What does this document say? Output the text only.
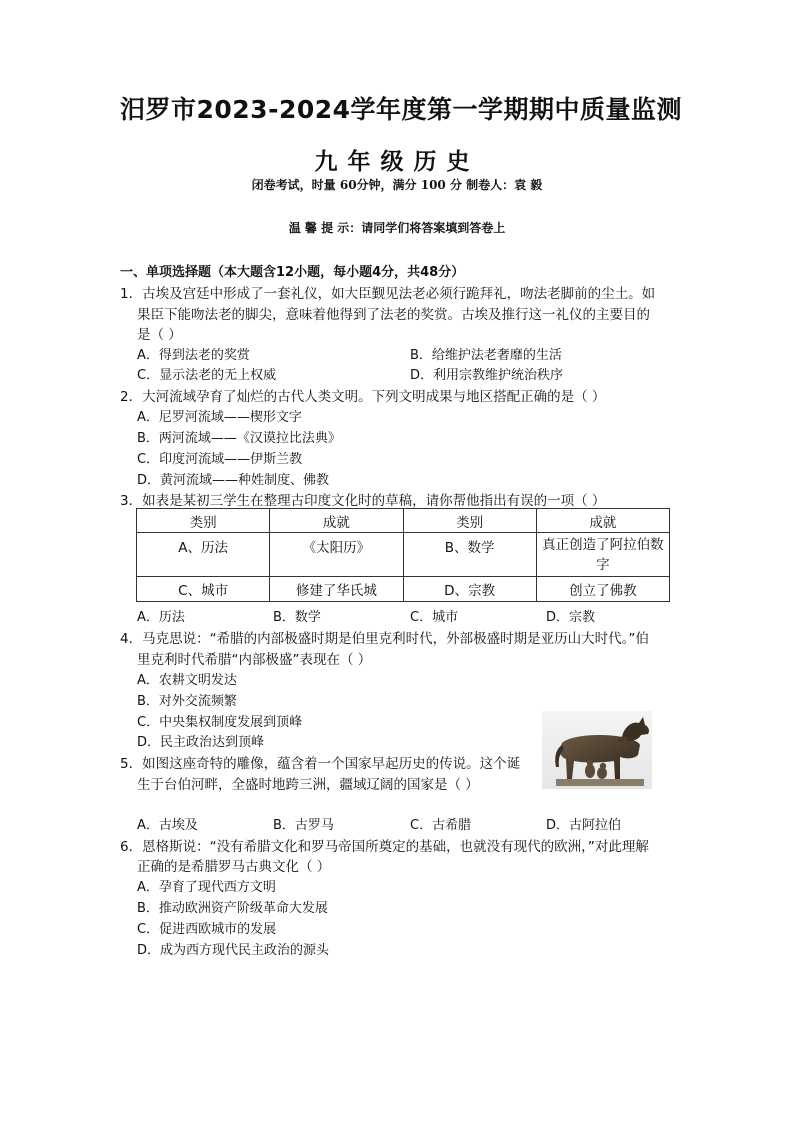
汨罗市2023-2024学年度第一学期期中质量监测
九年级历史
闭卷考试，时量 60分钟，满分 100 分 制卷人：袁 毅
温 馨 提 示：请同学们将答案填到答卷上
一、单项选择题（本大题含12小题，每小题4分，共48分）
1．古埃及宫廷中形成了一套礼仪，如大臣觐见法老必须行跪拜礼，吻法老脚前的尘土。如
果臣下能吻法老的脚尖，意味着他得到了法老的奖赏。古埃及推行这一礼仪的主要目的
是（ ）
A．得到法老的奖赏	B．给维护法老奢靡的生活
C．显示法老的无上权威	D．利用宗教维护统治秩序
2．大河流域孕育了灿烂的古代人类文明。下列文明成果与地区搭配正确的是（ ）
A．尼罗河流域——楔形文字
B．两河流域——《汉谟拉比法典》
C．印度河流域——伊斯兰教
D．黄河流域——种姓制度、佛教
3．如表是某初三学生在整理古印度文化时的草稿，请你帮他指出有误的一项（ ）
类别	成就	类别	成就
A、历法	《太阳历》	B、数学	真正创造了阿拉伯数
字
C、城市	修建了华氏城	D、宗教	创立了佛教
A．历法	B．数学	C．城市	D．宗教
4．马克思说：“希腊的内部极盛时期是伯里克利时代，外部极盛时期是亚历山大时代。”伯
里克利时代希腊“内部极盛”表现在（ ）
A．农耕文明发达
B．对外交流频繁
C．中央集权制度发展到顶峰
D．民主政治达到顶峰
5．如图这座奇特的雕像，蕴含着一个国家早起历史的传说。这个诞
生于台伯河畔，全盛时地跨三洲，疆域辽阔的国家是（ ）
A．古埃及	B．古罗马	C．古希腊	D．古阿拉伯
6．恩格斯说：“没有希腊文化和罗马帝国所奠定的基础，也就没有现代的欧洲，”对此理解
正确的是希腊罗马古典文化（ ）
A．孕育了现代西方文明
B．推动欧洲资产阶级革命大发展
C．促进西欧城市的发展
D．成为西方现代民主政治的源头
